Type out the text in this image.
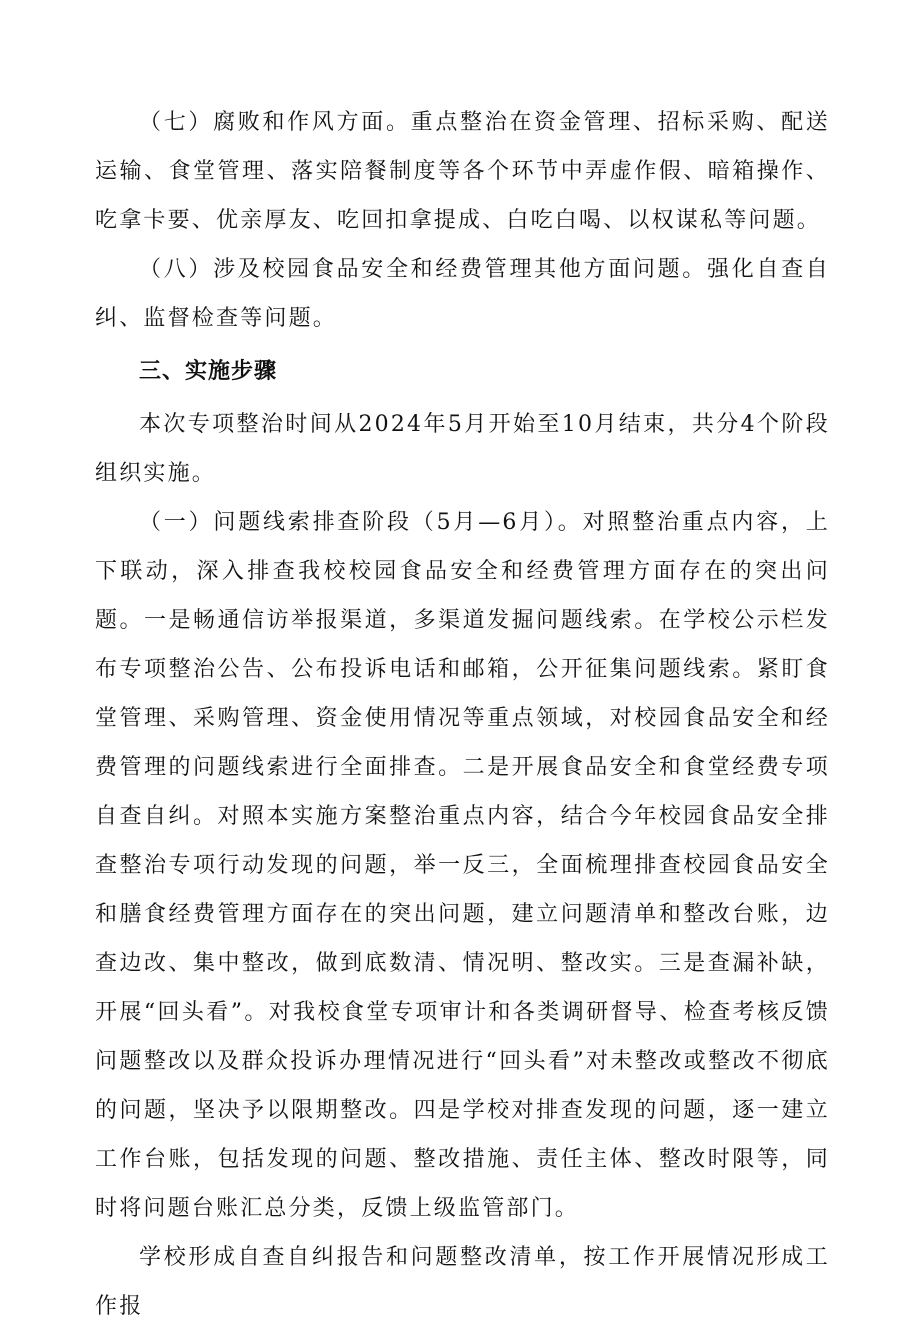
（七）腐败和作风方面。重点整治在资金管理、招标采购、配送运输、食堂管理、落实陪餐制度等各个环节中弄虚作假、暗箱操作、吃拿卡要、优亲厚友、吃回扣拿提成、白吃白喝、以权谋私等问题。

（八）涉及校园食品安全和经费管理其他方面问题。强化自查自纠、监督检查等问题。

三、实施步骤

本次专项整治时间从2024年5月开始至10月结束，共分4个阶段组织实施。

（一）问题线索排查阶段（5月—6月）。对照整治重点内容，上下联动，深入排查我校校园食品安全和经费管理方面存在的突出问题。一是畅通信访举报渠道，多渠道发掘问题线索。在学校公示栏发布专项整治公告、公布投诉电话和邮箱，公开征集问题线索。紧盯食堂管理、采购管理、资金使用情况等重点领域，对校园食品安全和经费管理的问题线索进行全面排查。二是开展食品安全和食堂经费专项自查自纠。对照本实施方案整治重点内容，结合今年校园食品安全排查整治专项行动发现的问题，举一反三，全面梳理排查校园食品安全和膳食经费管理方面存在的突出问题，建立问题清单和整改台账，边查边改、集中整改，做到底数清、情况明、整改实。三是查漏补缺，开展“回头看”。对我校食堂专项审计和各类调研督导、检查考核反馈问题整改以及群众投诉办理情况进行“回头看”对未整改或整改不彻底的问题，坚决予以限期整改。四是学校对排查发现的问题，逐一建立工作台账，包括发现的问题、整改措施、责任主体、整改时限等，同时将问题台账汇总分类，反馈上级监管部门。

学校形成自查自纠报告和问题整改清单，按工作开展情况形成工作报
